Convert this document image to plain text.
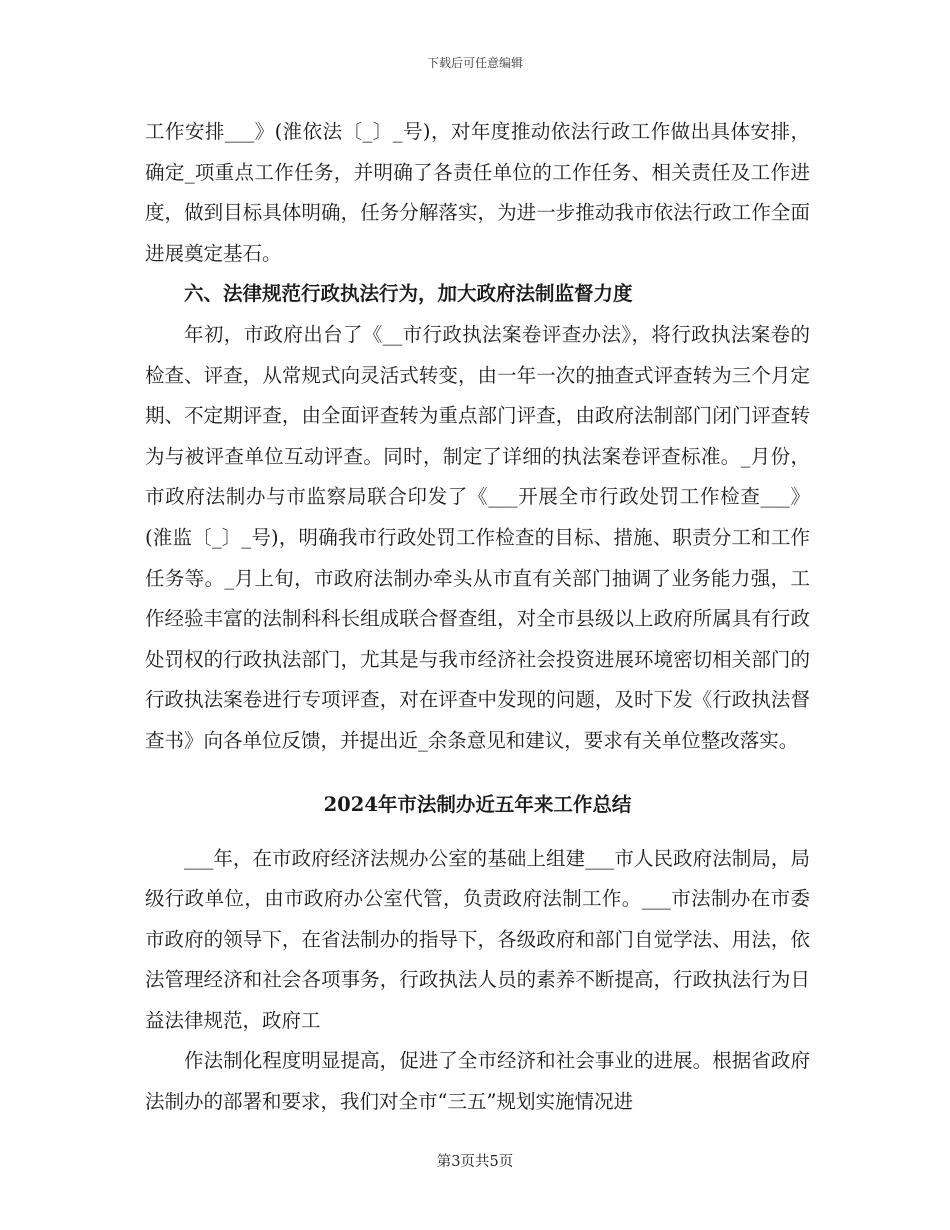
下载后可任意编辑

工作安排___》(淮依法〔_〕_号)，对年度推动依法行政工作做出具体安排，确定_项重点工作任务，并明确了各责任单位的工作任务、相关责任及工作进度，做到目标具体明确，任务分解落实，为进一步推动我市依法行政工作全面进展奠定基石。

六、法律规范行政执法行为，加大政府法制监督力度

年初，市政府出台了《__市行政执法案卷评查办法》，将行政执法案卷的检查、评查，从常规式向灵活式转变，由一年一次的抽查式评查转为三个月定期、不定期评查，由全面评查转为重点部门评查，由政府法制部门闭门评查转为与被评查单位互动评查。同时，制定了详细的执法案卷评查标准。_月份，市政府法制办与市监察局联合印发了《___开展全市行政处罚工作检查___》(淮监〔_〕_号)，明确我市行政处罚工作检查的目标、措施、职责分工和工作任务等。_月上旬，市政府法制办牵头从市直有关部门抽调了业务能力强，工作经验丰富的法制科科长组成联合督查组，对全市县级以上政府所属具有行政处罚权的行政执法部门，尤其是与我市经济社会投资进展环境密切相关部门的行政执法案卷进行专项评查，对在评查中发现的问题，及时下发《行政执法督查书》向各单位反馈，并提出近_余条意见和建议，要求有关单位整改落实。

2024年市法制办近五年来工作总结

___年，在市政府经济法规办公室的基础上组建___市人民政府法制局，局级行政单位，由市政府办公室代管，负责政府法制工作。___市法制办在市委市政府的领导下，在省法制办的指导下，各级政府和部门自觉学法、用法，依法管理经济和社会各项事务，行政执法人员的素养不断提高，行政执法行为日益法律规范，政府工

作法制化程度明显提高，促进了全市经济和社会事业的进展。根据省政府法制办的部署和要求，我们对全市“三五”规划实施情况进

第3页共5页
